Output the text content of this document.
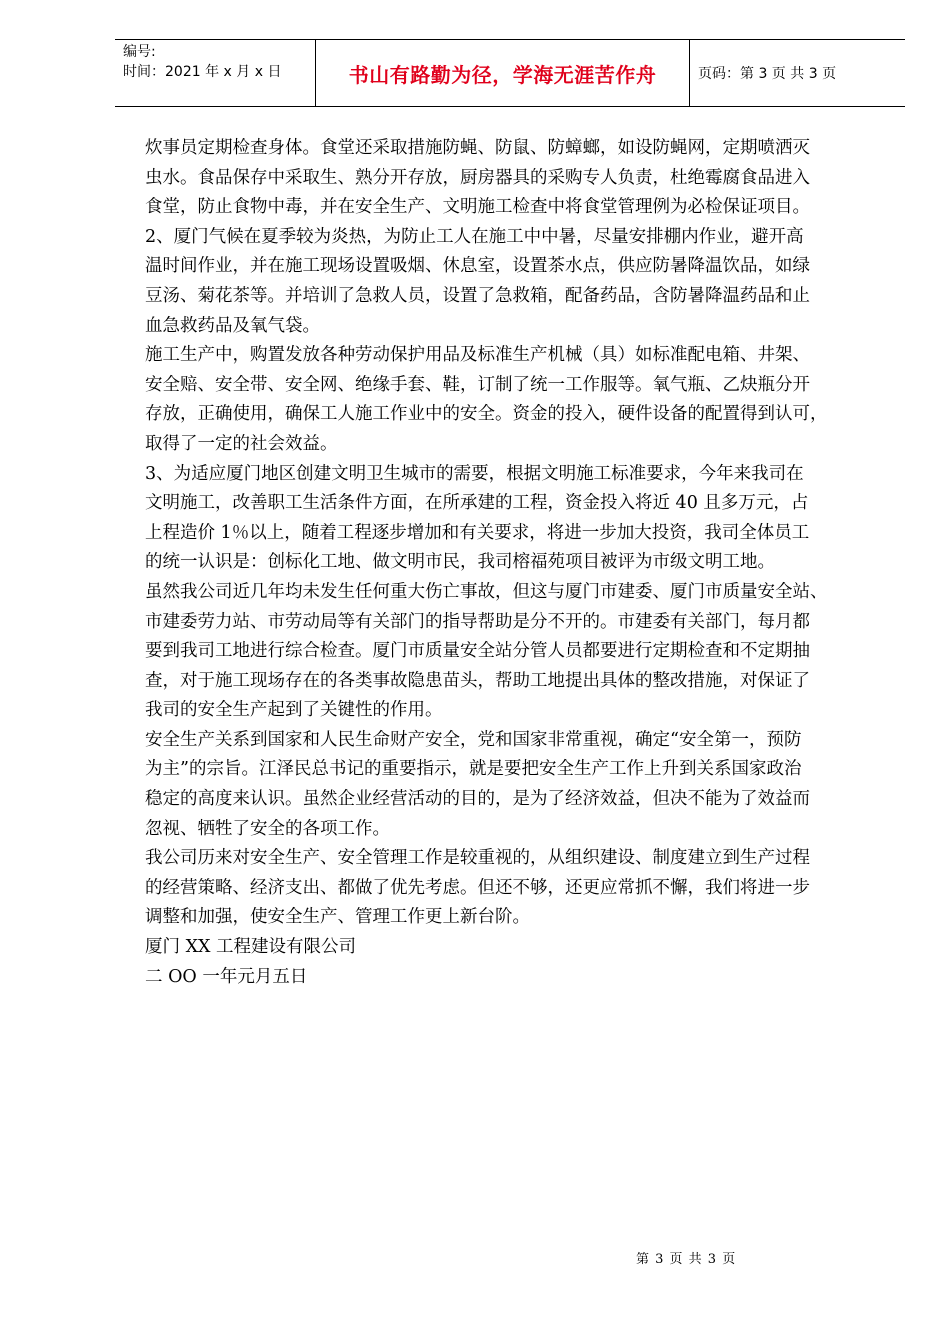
编号:
时间：2021 年 x 月 x 日	书山有路勤为径，学海无涯苦作舟	页码：第 3 页 共 3 页

炊事员定期检查身体。食堂还采取措施防蝇、防鼠、防蟑螂，如设防蝇网，定期喷洒灭

虫水。食品保存中采取生、熟分开存放，厨房器具的采购专人负责，杜绝霉腐食品进入

食堂，防止食物中毒，并在安全生产、文明施工检查中将食堂管理例为必检保证项目。

2、厦门气候在夏季较为炎热，为防止工人在施工中中暑，尽量安排棚内作业，避开高

温时间作业，并在施工现场设置吸烟、休息室，设置茶水点，供应防暑降温饮品，如绿

豆汤、菊花茶等。并培训了急救人员，设置了急救箱，配备药品，含防暑降温药品和止

血急救药品及氧气袋。

施工生产中，购置发放各种劳动保护用品及标准生产机械（具）如标准配电箱、井架、

安全赔、安全带、安全网、绝缘手套、鞋，订制了统一工作服等。氧气瓶、乙炔瓶分开

存放，正确使用，确保工人施工作业中的安全。资金的投入，硬件设备的配置得到认可，

取得了一定的社会效益。

3、为适应厦门地区创建文明卫生城市的需要，根据文明施工标准要求，今年来我司在

文明施工，改善职工生活条件方面，在所承建的工程，资金投入将近 40 且多万元，占

上程造价 1％以上，随着工程逐步增加和有关要求，将进一步加大投资，我司全体员工

的统一认识是：创标化工地、做文明市民，我司榕福苑项目被评为市级文明工地。

虽然我公司近几年均未发生任何重大伤亡事故，但这与厦门市建委、厦门市质量安全站、

市建委劳力站、市劳动局等有关部门的指导帮助是分不开的。市建委有关部门，每月都

要到我司工地进行综合检查。厦门市质量安全站分管人员都要进行定期检查和不定期抽

查，对于施工现场存在的各类事故隐患苗头，帮助工地提出具体的整改措施，对保证了

我司的安全生产起到了关键性的作用。

安全生产关系到国家和人民生命财产安全，党和国家非常重视，确定“安全第一，预防

为主”的宗旨。江泽民总书记的重要指示，就是要把安全生产工作上升到关系国家政治

稳定的高度来认识。虽然企业经营活动的目的，是为了经济效益，但决不能为了效益而

忽视、牺牲了安全的各项工作。

我公司历来对安全生产、安全管理工作是较重视的，从组织建设、制度建立到生产过程

的经营策略、经济支出、都做了优先考虑。但还不够，还更应常抓不懈，我们将进一步

调整和加强，使安全生产、管理工作更上新台阶。

厦门 XX 工程建设有限公司

二 OO 一年元月五日

第 3 页 共 3 页
